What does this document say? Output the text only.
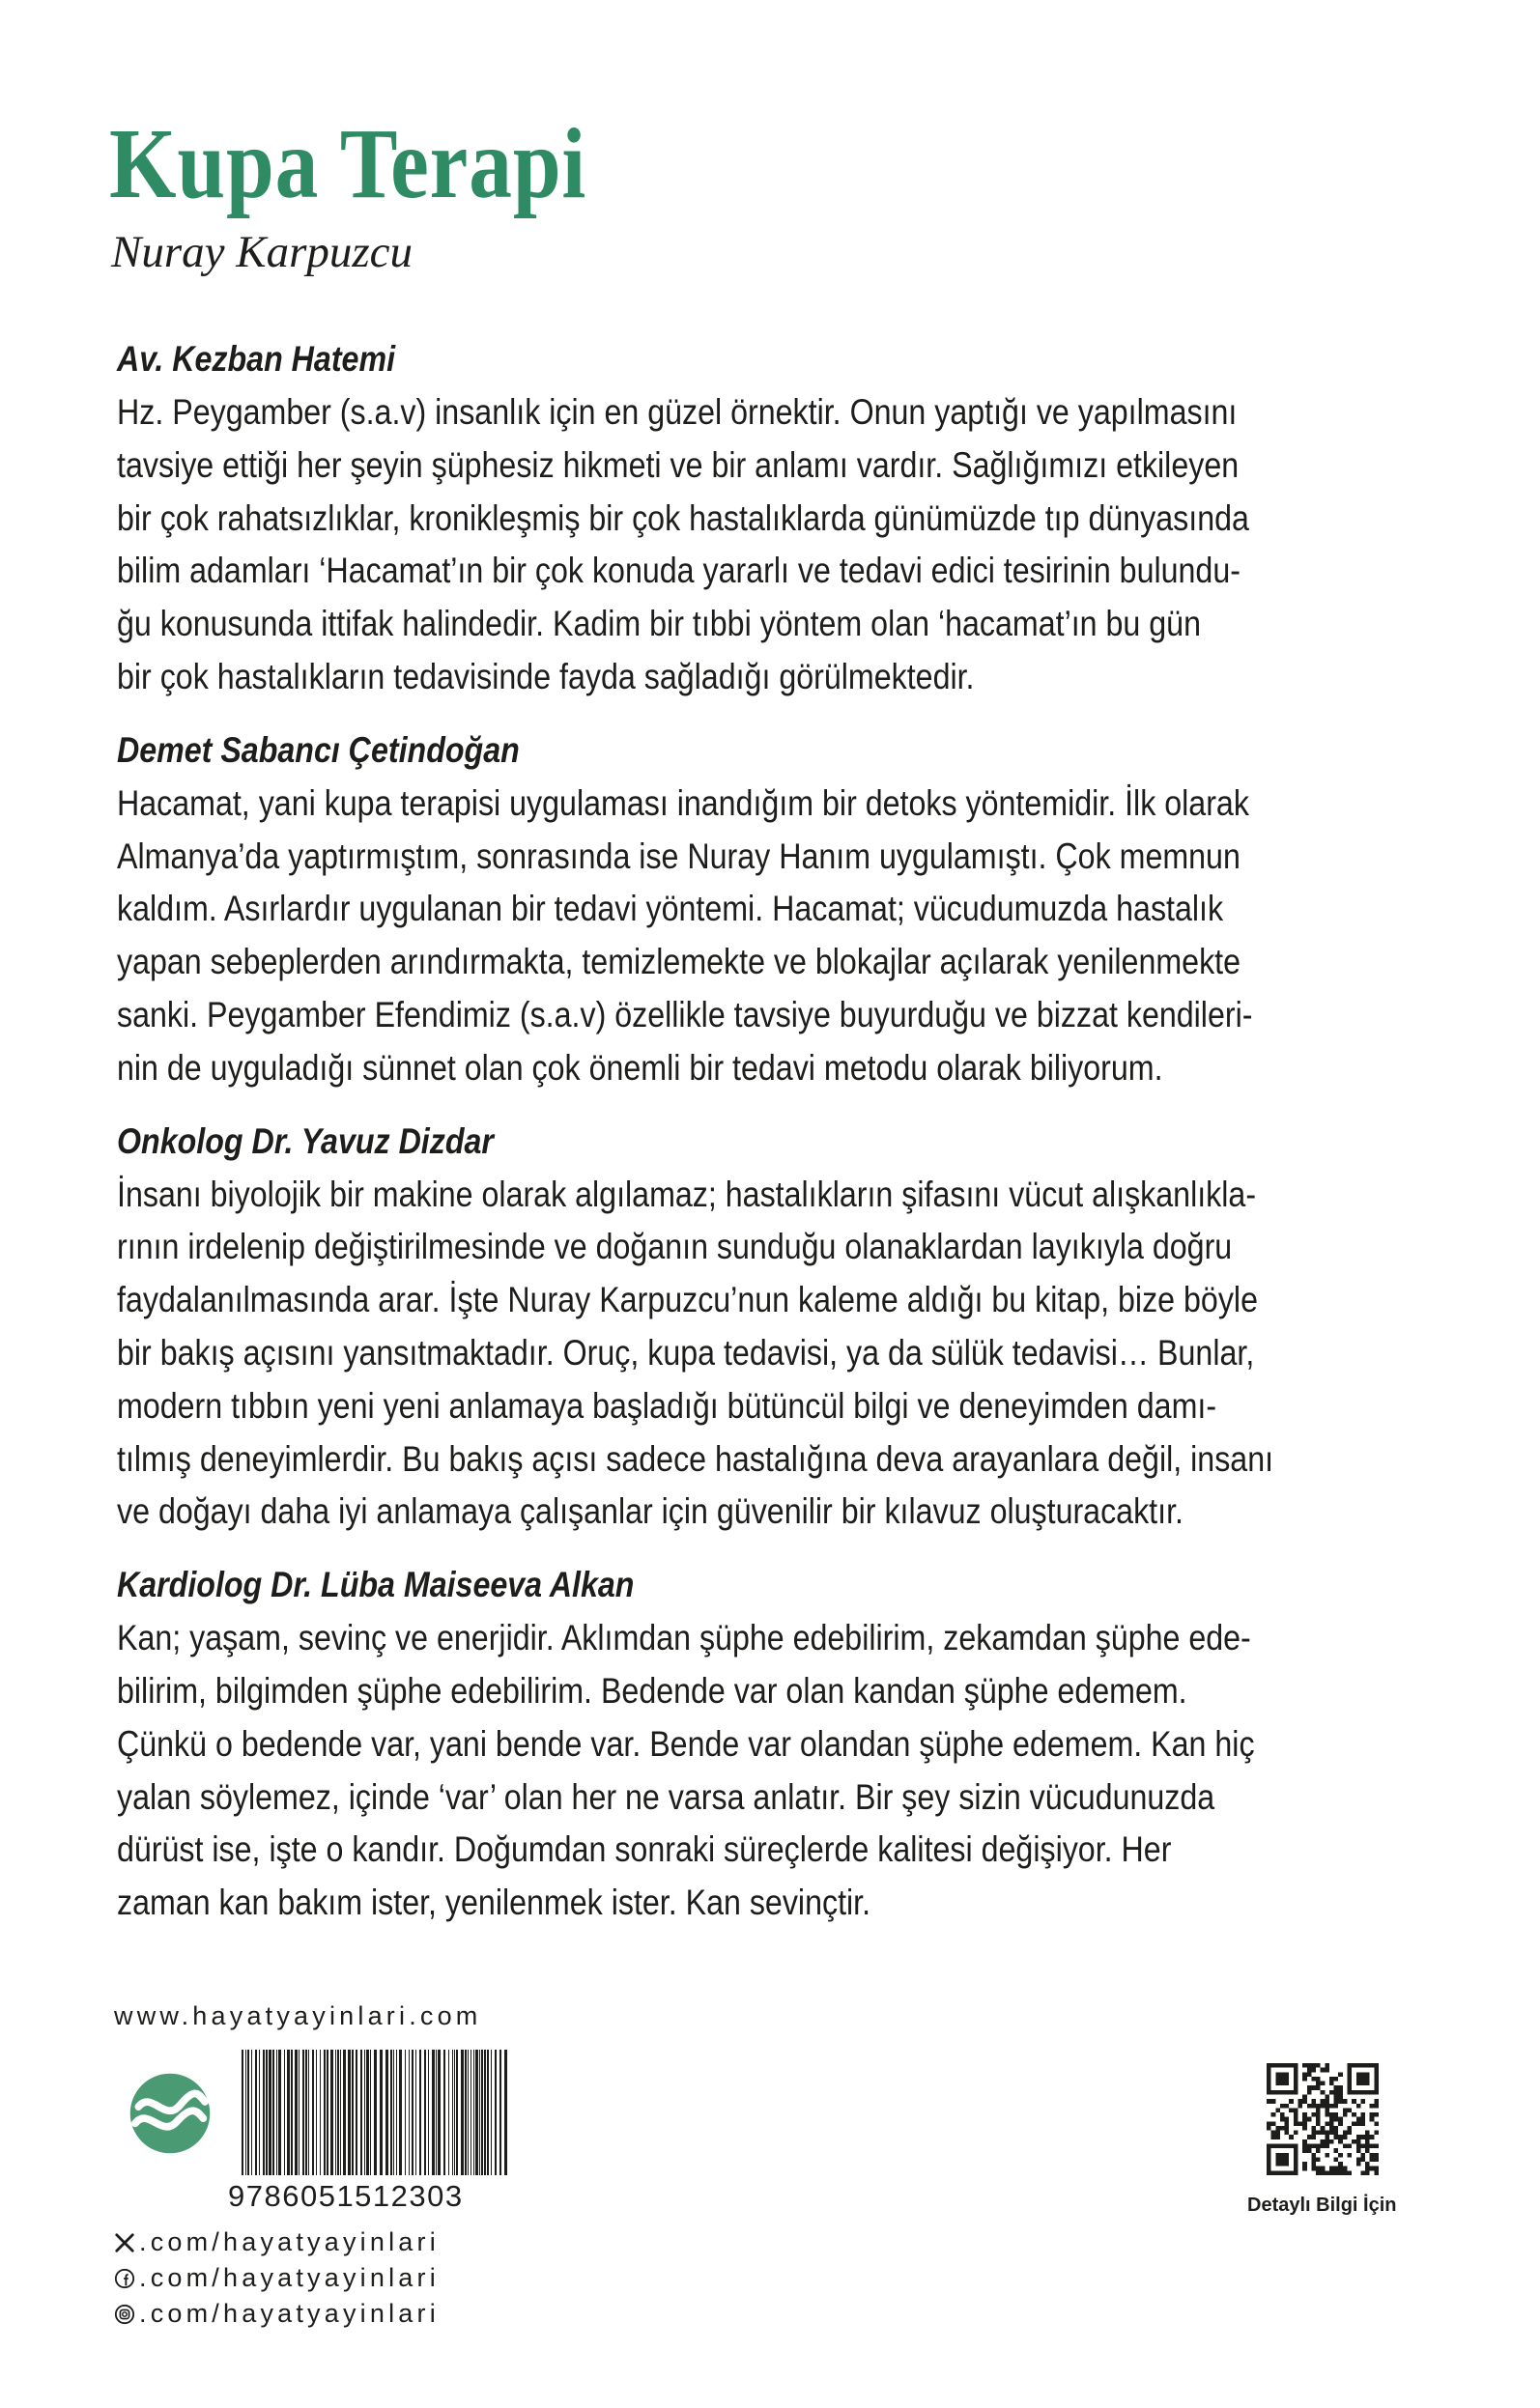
Kupa Terapi
Nuray Karpuzcu
Av. Kezban Hatemi
Hz. Peygamber (s.a.v) insanlık için en güzel örnektir. Onun yaptığı ve yapılmasını
tavsiye ettiği her şeyin şüphesiz hikmeti ve bir anlamı vardır. Sağlığımızı etkileyen
bir çok rahatsızlıklar, kronikleşmiş bir çok hastalıklarda günümüzde tıp dünyasında
bilim adamları ‘Hacamat’ın bir çok konuda yararlı ve tedavi edici tesirinin bulundu-
ğu konusunda ittifak halindedir. Kadim bir tıbbi yöntem olan ‘hacamat’ın bu gün
bir çok hastalıkların tedavisinde fayda sağladığı görülmektedir.
Demet Sabancı Çetindoğan
Hacamat, yani kupa terapisi uygulaması inandığım bir detoks yöntemidir. İlk olarak
Almanya’da yaptırmıştım, sonrasında ise Nuray Hanım uygulamıştı. Çok memnun
kaldım. Asırlardır uygulanan bir tedavi yöntemi. Hacamat; vücudumuzda hastalık
yapan sebeplerden arındırmakta, temizlemekte ve blokajlar açılarak yenilenmekte
sanki. Peygamber Efendimiz (s.a.v) özellikle tavsiye buyurduğu ve bizzat kendileri-
nin de uyguladığı sünnet olan çok önemli bir tedavi metodu olarak biliyorum.
Onkolog Dr. Yavuz Dizdar
İnsanı biyolojik bir makine olarak algılamaz; hastalıkların şifasını vücut alışkanlıkla-
rının irdelenip değiştirilmesinde ve doğanın sunduğu olanaklardan layıkıyla doğru
faydalanılmasında arar. İşte Nuray Karpuzcu’nun kaleme aldığı bu kitap, bize böyle
bir bakış açısını yansıtmaktadır. Oruç, kupa tedavisi, ya da sülük tedavisi… Bunlar,
modern tıbbın yeni yeni anlamaya başladığı bütüncül bilgi ve deneyimden damı-
tılmış deneyimlerdir. Bu bakış açısı sadece hastalığına deva arayanlara değil, insanı
ve doğayı daha iyi anlamaya çalışanlar için güvenilir bir kılavuz oluşturacaktır.
Kardiolog Dr. Lüba Maiseeva Alkan
Kan; yaşam, sevinç ve enerjidir. Aklımdan şüphe edebilirim, zekamdan şüphe ede-
bilirim, bilgimden şüphe edebilirim. Bedende var olan kandan şüphe edemem.
Çünkü o bedende var, yani bende var. Bende var olandan şüphe edemem. Kan hiç
yalan söylemez, içinde ‘var’ olan her ne varsa anlatır. Bir şey sizin vücudunuzda
dürüst ise, işte o kandır. Doğumdan sonraki süreçlerde kalitesi değişiyor. Her
zaman kan bakım ister, yenilenmek ister. Kan sevinçtir.
www.hayatyayinlari.com
9786051512303
.com/hayatyayinlari
.com/hayatyayinlari
.com/hayatyayinlari
Detaylı Bilgi İçin
